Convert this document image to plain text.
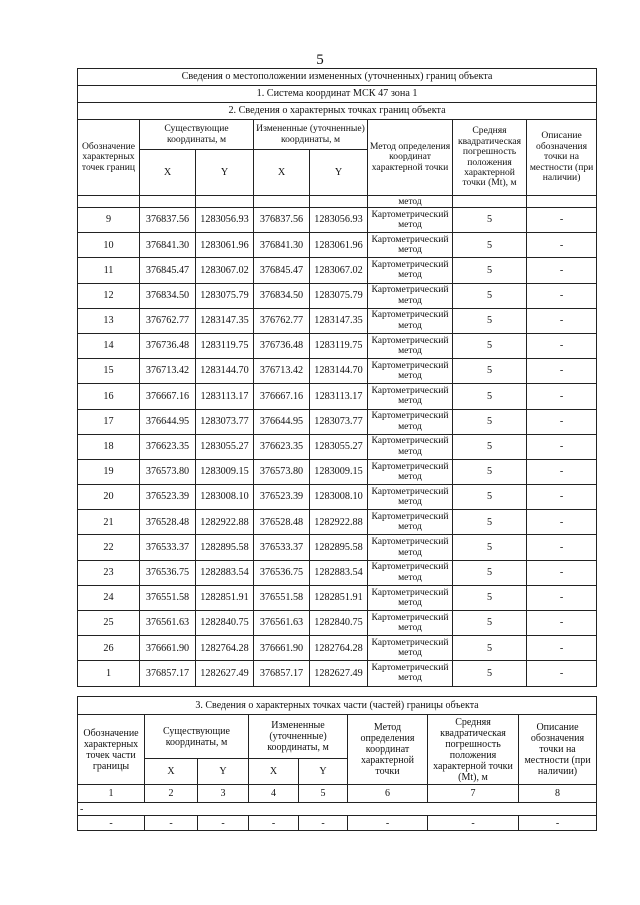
5
Сведения о местоположении измененных (уточненных) границ объекта							
1. Система координат МСК 47 зона 1							
2. Сведения о характерных точках границ объекта							
Обозначение характерных точек границ	Существующие координаты, м		Измененные (уточненные) координаты, м		Метод определения координат характерной точки	Средняя квадратическая погрешность положения характерной точки (Mt), м	Описание обозначения точки на местности (при наличии)
	X	Y	X	Y			
					метод		
9	376837.56	1283056.93	376837.56	1283056.93	Картометрический метод	5	-
10	376841.30	1283061.96	376841.30	1283061.96	Картометрический метод	5	-
11	376845.47	1283067.02	376845.47	1283067.02	Картометрический метод	5	-
12	376834.50	1283075.79	376834.50	1283075.79	Картометрический метод	5	-
13	376762.77	1283147.35	376762.77	1283147.35	Картометрический метод	5	-
14	376736.48	1283119.75	376736.48	1283119.75	Картометрический метод	5	-
15	376713.42	1283144.70	376713.42	1283144.70	Картометрический метод	5	-
16	376667.16	1283113.17	376667.16	1283113.17	Картометрический метод	5	-
17	376644.95	1283073.77	376644.95	1283073.77	Картометрический метод	5	-
18	376623.35	1283055.27	376623.35	1283055.27	Картометрический метод	5	-
19	376573.80	1283009.15	376573.80	1283009.15	Картометрический метод	5	-
20	376523.39	1283008.10	376523.39	1283008.10	Картометрический метод	5	-
21	376528.48	1282922.88	376528.48	1282922.88	Картометрический метод	5	-
22	376533.37	1282895.58	376533.37	1282895.58	Картометрический метод	5	-
23	376536.75	1282883.54	376536.75	1282883.54	Картометрический метод	5	-
24	376551.58	1282851.91	376551.58	1282851.91	Картометрический метод	5	-
25	376561.63	1282840.75	376561.63	1282840.75	Картометрический метод	5	-
26	376661.90	1282764.28	376661.90	1282764.28	Картометрический метод	5	-
1	376857.17	1282627.49	376857.17	1282627.49	Картометрический метод	5	-
3. Сведения о характерных точках части (частей) границы объекта							
Обозначение характерных точек части границы	Существующие координаты, м		Измененные (уточненные) координаты, м		Метод определения координат характерной точки	Средняя квадратическая погрешность положения характерной точки (Mt), м	Описание обозначения точки на местности (при наличии)
	X	Y	X	Y			
1	2	3	4	5	6	7	8
-							
-	-	-	-	-	-	-	-
